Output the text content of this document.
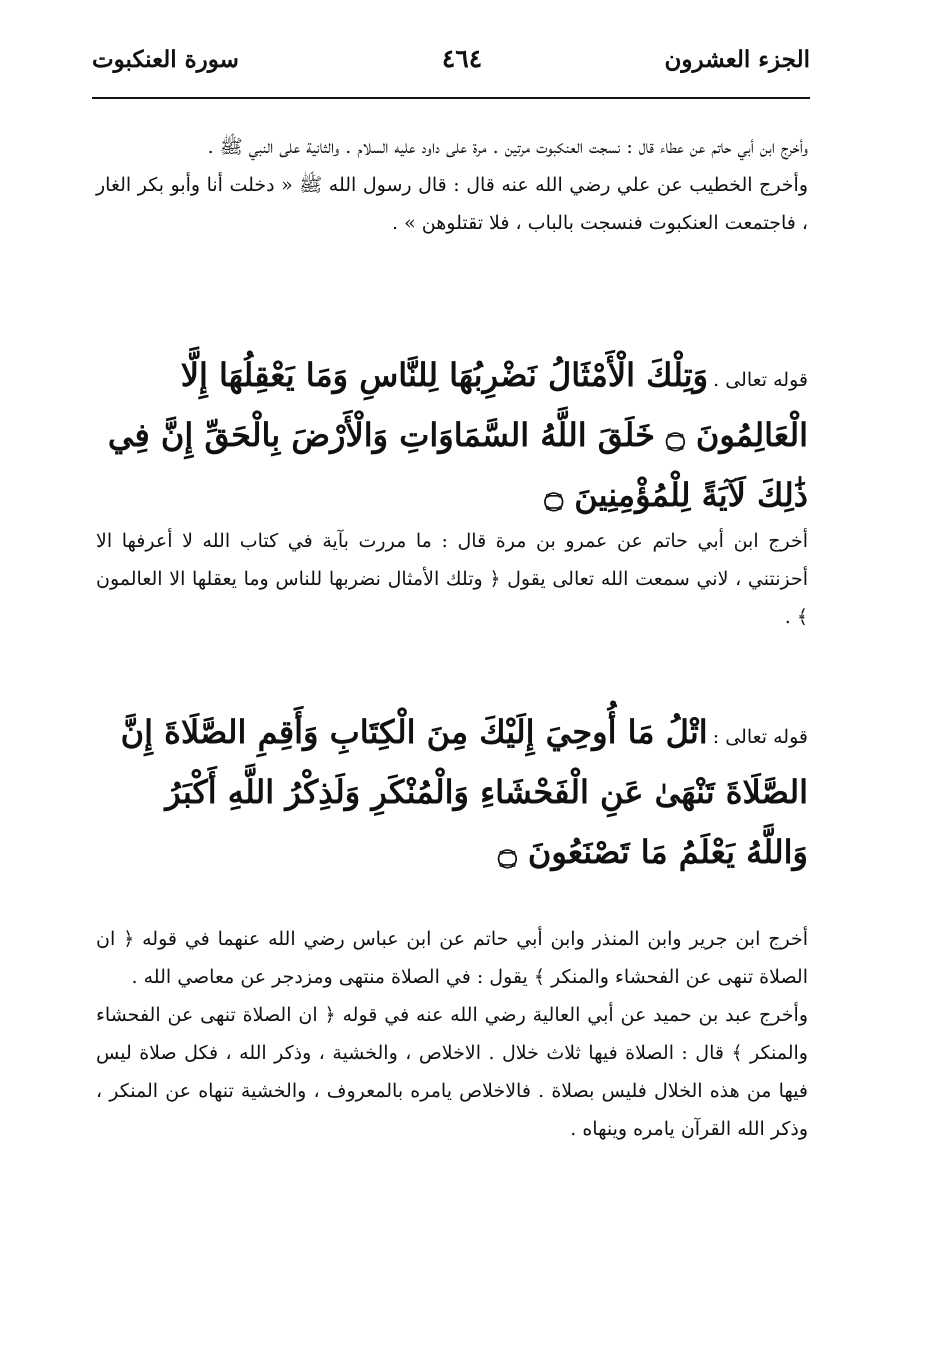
الجزء العشرون
٤٦٤
سورة العنكبوت

وأخرج ابن أبي حاتم عن عطاء قال : نسجت العنكبوت مرتين . مرة على داود عليه السلام . والثانية على النبي ﷺ .

وأخرج الخطيب عن علي رضي الله عنه قال : قال رسول الله ﷺ « دخلت أنا وأبو بكر الغار ، فاجتمعت العنكبوت فنسجت بالباب ، فلا تقتلوهن » .

قوله تعالى . وَتِلْكَ الْأَمْثَالُ نَضْرِبُهَا لِلنَّاسِ وَمَا يَعْقِلُهَا إِلَّا الْعَالِمُونَ ۝ خَلَقَ اللَّهُ السَّمَاوَاتِ وَالْأَرْضَ بِالْحَقِّ إِنَّ فِي ذَٰلِكَ لَآيَةً لِلْمُؤْمِنِينَ ۝

أخرج ابن أبي حاتم عن عمرو بن مرة قال : ما مررت بآية في كتاب الله لا أعرفها الا أحزنتني ، لاني سمعت الله تعالى يقول ﴿ وتلك الأمثال نضربها للناس وما يعقلها الا العالمون ﴾ .

قوله تعالى : اتْلُ مَا أُوحِيَ إِلَيْكَ مِنَ الْكِتَابِ وَأَقِمِ الصَّلَاةَ إِنَّ الصَّلَاةَ تَنْهَىٰ عَنِ الْفَحْشَاءِ وَالْمُنْكَرِ وَلَذِكْرُ اللَّهِ أَكْبَرُ وَاللَّهُ يَعْلَمُ مَا تَصْنَعُونَ ۝

أخرج ابن جرير وابن المنذر وابن أبي حاتم عن ابن عباس رضي الله عنهما في قوله ﴿ ان الصلاة تنهى عن الفحشاء والمنكر ﴾ يقول : في الصلاة منتهى ومزدجر عن معاصي الله .

وأخرج عبد بن حميد عن أبي العالية رضي الله عنه في قوله ﴿ ان الصلاة تنهى عن الفحشاء والمنكر ﴾ قال : الصلاة فيها ثلاث خلال . الاخلاص ، والخشية ، وذكر الله ، فكل صلاة ليس فيها من هذه الخلال فليس بصلاة . فالاخلاص يامره بالمعروف ، والخشية تنهاه عن المنكر ، وذكر الله القرآن يامره وينهاه .
